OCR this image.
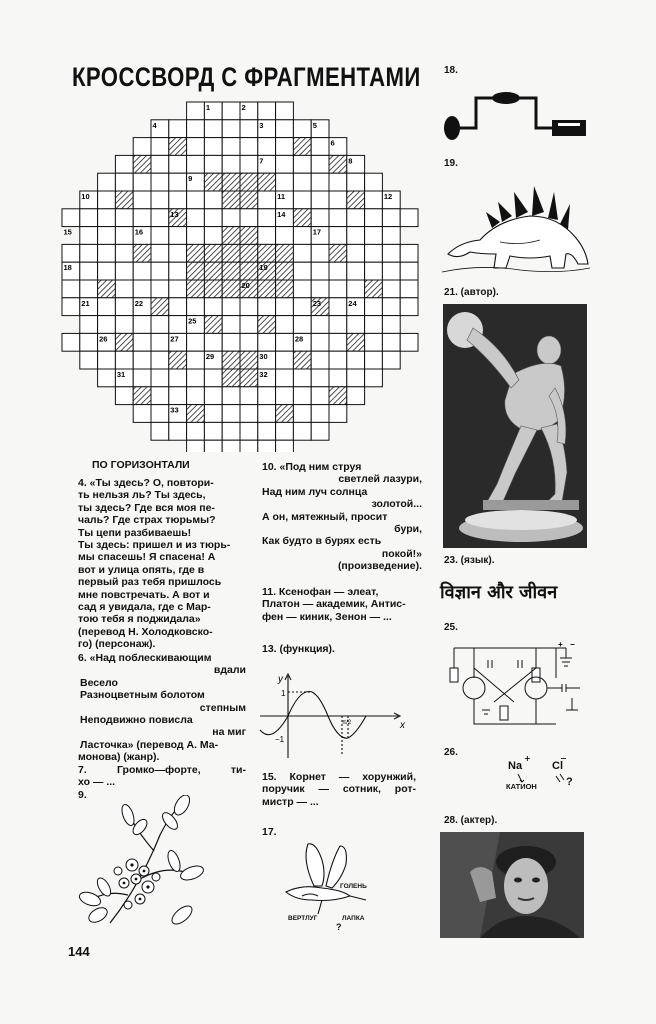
КРОССВОРД С ФРАГМЕНТАМИ
1	2
3
4	5
6
7	8
9
10	11	12
13	14
15	16	17
18	19
20
21	22	23	24
25
26	27	28
29	30
31	32
33
ПО ГОРИЗОНТАЛИ

4. «Ты здесь? О, повтори-

ть нельзя ль? Ты здесь,

ты здесь? Где вся моя пе-

чаль? Где страх тюрьмы?

Ты цепи разбиваешь!

Ты здесь: пришел и из тюрь-

мы спасешь! Я спасена! А

вот и улица опять, где в

первый раз тебя пришлось

мне повстречать. А вот и

сад я увидала, где с Мар-

тою тебя я поджидала»

(перевод Н. Холодковско-

го) (персонаж).

6. «Над поблескивающим

вдали

Весело

Разноцветным болотом

степным

Неподвижно повисла

на миг

Ласточка» (перевод А. Ма-

монова) (жанр).

7. Громко—форте, ти-

хо — ...

9.

144

10. «Под ним струя

светлей лазури,

Над ним луч солнца

золотой...

А он, мятежный, просит

бури,

Как будто в бурях есть

покой!»

(произведение).

11. Ксенофан — элеат,

Платон — академик, Антис-

фен — киник, Зенон — ...

13. (функция).
y
x
1
−1
π/2

15. Корнет — хорунжий,

поручик — сотник, рот-

мистр — ...

17.
ГОЛЕНЬ
ВЕРТЛУГ	ЛАПКА
?
18.
19.
21. (автор).
23. (язык).
25.
26.
28. (актер).
विज्ञान और जीवन
+ −
Na
+
Cl
−
КАТИОН	?
